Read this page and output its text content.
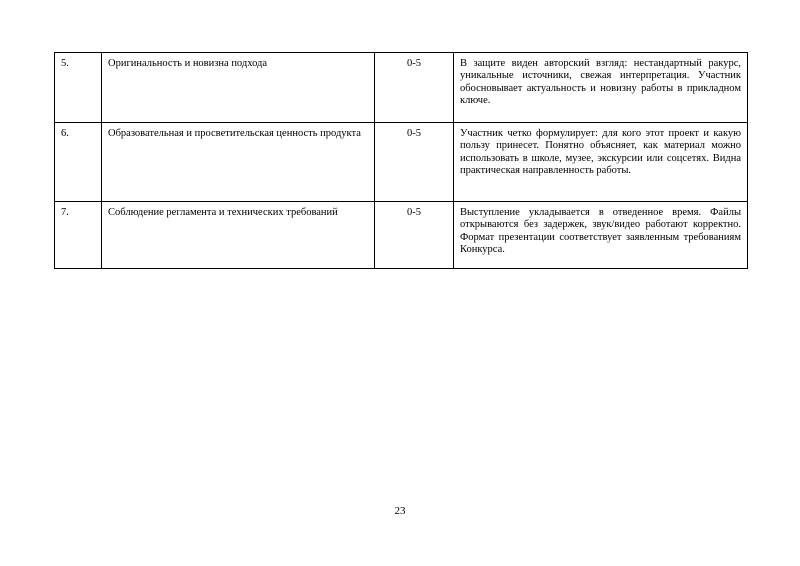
5.	Оригинальность и новизна подхода	0-5	В защите виден авторский взгляд: нестандартный ракурс, уникальные источники, свежая интерпретация. Участник обосновывает актуальность и новизну работы в прикладном ключе.
6.	Образовательная и просветительская ценность продукта	0-5	Участник четко формулирует: для кого этот проект и какую пользу принесет. Понятно объясняет, как материал можно использовать в школе, музее, экскурсии или соцсетях. Видна практическая направленность работы.
7.	Соблюдение регламента и технических требований	0-5	Выступление укладывается в отведенное время. Файлы открываются без задержек, звук/видео работают корректно. Формат презентации соответствует заявленным требованиям Конкурса.
23
